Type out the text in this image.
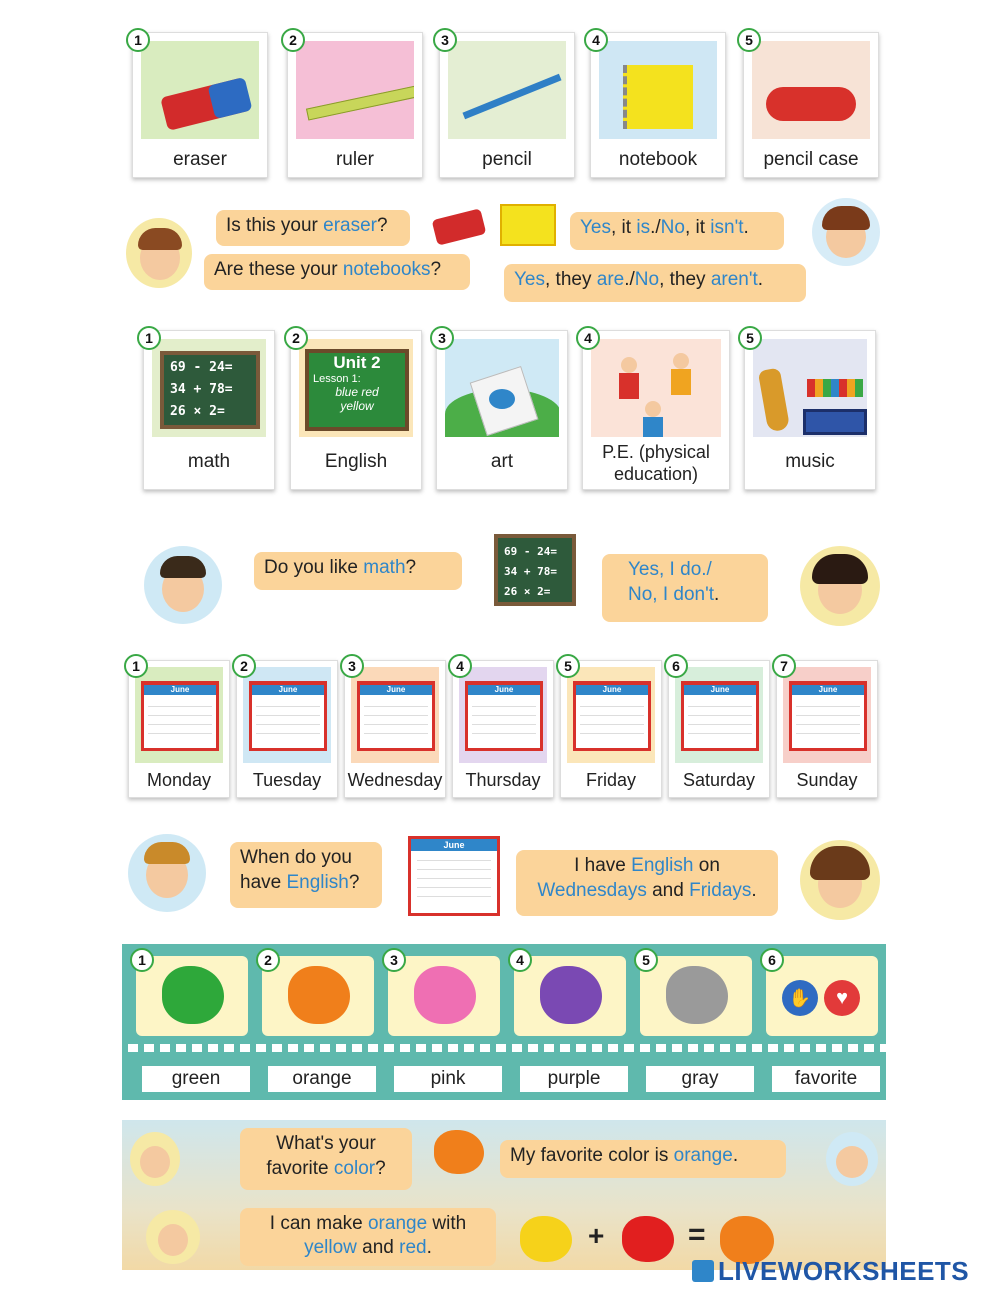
eraser
1
ruler
2
pencil
3
notebook
4
pencil case
5
Is this your eraser?
Are these your notebooks?
Yes, it is./No, it isn't.
Yes, they are./No, they aren't.
69 - 24=
34 + 78=
26 × 2=
math
1
Unit 2
Lesson 1:
blue red
yellow
English
2
art
3
P.E. (physical education)
4
music
5
Do you like math?
69 - 24=
34 + 78=
26 × 2=
Yes, I do./
No, I don't.
June
Monday
1
June
Tuesday
2
June
Wednesday
3
June
Thursday
4
June
Friday
5
June
Saturday
6
June
Sunday
7
When do you
have English?
June
I have English on
Wednesdays and Fridays.
1
green
2
orange
3
pink
4
purple
5
gray
✋	♥
6
favorite
What's your
favorite color?
My favorite color is orange.
I can make orange with
yellow and red.	+	=
LIVEWORKSHEETS
